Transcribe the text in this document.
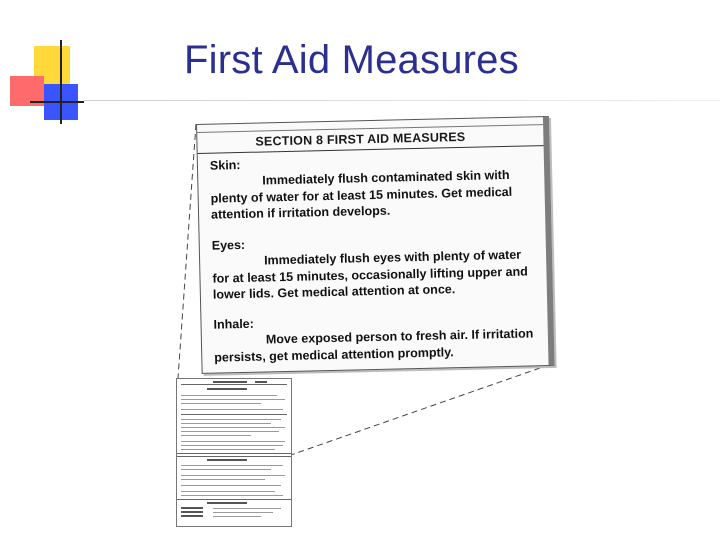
First Aid Measures
SECTION 8 FIRST AID MEASURES
Skin:
Immediately flush contaminated skin with plenty of water for at least 15 minutes. Get medical attention if irritation develops.
Eyes:
Immediately flush eyes with plenty of water for at least 15 minutes, occasionally lifting upper and lower lids. Get medical attention at once.
Inhale:
Move exposed person to fresh air. If irritation persists, get medical attention promptly.
